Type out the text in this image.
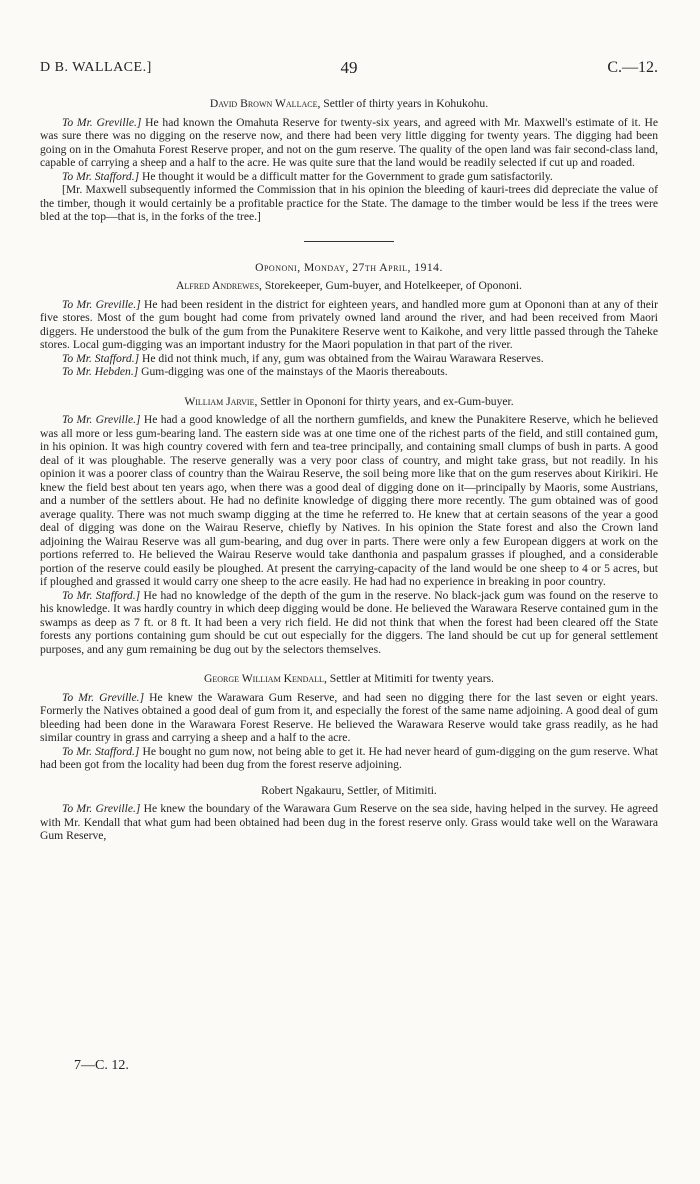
D B. WALLACE.]	49	C.—12.
David Brown Wallace, Settler of thirty years in Kohukohu.

To Mr. Greville.] He had known the Omahuta Reserve for twenty-six years, and agreed with Mr. Maxwell's estimate of it. He was sure there was no digging on the reserve now, and there had been very little digging for twenty years. The digging had been going on in the Omahuta Forest Reserve proper, and not on the gum reserve. The quality of the open land was fair second-class land, capable of carrying a sheep and a half to the acre. He was quite sure that the land would be readily selected if cut up and roaded.

To Mr. Stafford.] He thought it would be a difficult matter for the Government to grade gum satisfactorily.

[Mr. Maxwell subsequently informed the Commission that in his opinion the bleeding of kauri-trees did depreciate the value of the timber, though it would certainly be a profitable practice for the State. The damage to the timber would be less if the trees were bled at the top—that is, in the forks of the tree.]

Opononi, Monday, 27th April, 1914.
Alfred Andrewes, Storekeeper, Gum-buyer, and Hotelkeeper, of Opononi.

To Mr. Greville.] He had been resident in the district for eighteen years, and handled more gum at Opononi than at any of their five stores. Most of the gum bought had come from privately owned land around the river, and had been received from Maori diggers. He understood the bulk of the gum from the Punakitere Reserve went to Kaikohe, and very little passed through the Taheke stores. Local gum-digging was an important industry for the Maori population in that part of the river.

To Mr. Stafford.] He did not think much, if any, gum was obtained from the Wairau Warawara Reserves.

To Mr. Hebden.] Gum-digging was one of the mainstays of the Maoris thereabouts.

William Jarvie, Settler in Opononi for thirty years, and ex-Gum-buyer.

To Mr. Greville.] He had a good knowledge of all the northern gumfields, and knew the Punakitere Reserve, which he believed was all more or less gum-bearing land. The eastern side was at one time one of the richest parts of the field, and still contained gum, in his opinion. It was high country covered with fern and tea-tree principally, and containing small clumps of bush in parts. A good deal of it was ploughable. The reserve generally was a very poor class of country, and might take grass, but not readily. In his opinion it was a poorer class of country than the Wairau Reserve, the soil being more like that on the gum reserves about Kirikiri. He knew the field best about ten years ago, when there was a good deal of digging done on it—principally by Maoris, some Austrians, and a number of the settlers about. He had no definite knowledge of digging there more recently. The gum obtained was of good average quality. There was not much swamp digging at the time he referred to. He knew that at certain seasons of the year a good deal of digging was done on the Wairau Reserve, chiefly by Natives. In his opinion the State forest and also the Crown land adjoining the Wairau Reserve was all gum-bearing, and dug over in parts. There were only a few European diggers at work on the portions referred to. He believed the Wairau Reserve would take danthonia and paspalum grasses if ploughed, and a considerable portion of the reserve could easily be ploughed. At present the carrying-capacity of the land would be one sheep to 4 or 5 acres, but if ploughed and grassed it would carry one sheep to the acre easily. He had had no experience in breaking in poor country.

To Mr. Stafford.] He had no knowledge of the depth of the gum in the reserve. No black-jack gum was found on the reserve to his knowledge. It was hardly country in which deep digging would be done. He believed the Warawara Reserve contained gum in the swamps as deep as 7 ft. or 8 ft. It had been a very rich field. He did not think that when the forest had been cleared off the State forests any portions containing gum should be cut out especially for the diggers. The land should be cut up for general settlement purposes, and any gum remaining be dug out by the selectors themselves.

George William Kendall, Settler at Mitimiti for twenty years.

To Mr. Greville.] He knew the Warawara Gum Reserve, and had seen no digging there for the last seven or eight years. Formerly the Natives obtained a good deal of gum from it, and especially the forest of the same name adjoining. A good deal of gum bleeding had been done in the Warawara Forest Reserve. He believed the Warawara Reserve would take grass readily, as he had similar country in grass and carrying a sheep and a half to the acre.

To Mr. Stafford.] He bought no gum now, not being able to get it. He had never heard of gum-digging on the gum reserve. What had been got from the locality had been dug from the forest reserve adjoining.

Robert Ngakauru, Settler, of Mitimiti.

To Mr. Greville.] He knew the boundary of the Warawara Gum Reserve on the sea side, having helped in the survey. He agreed with Mr. Kendall that what gum had been obtained had been dug in the forest reserve only. Grass would take well on the Warawara Gum Reserve,

7—C. 12.
